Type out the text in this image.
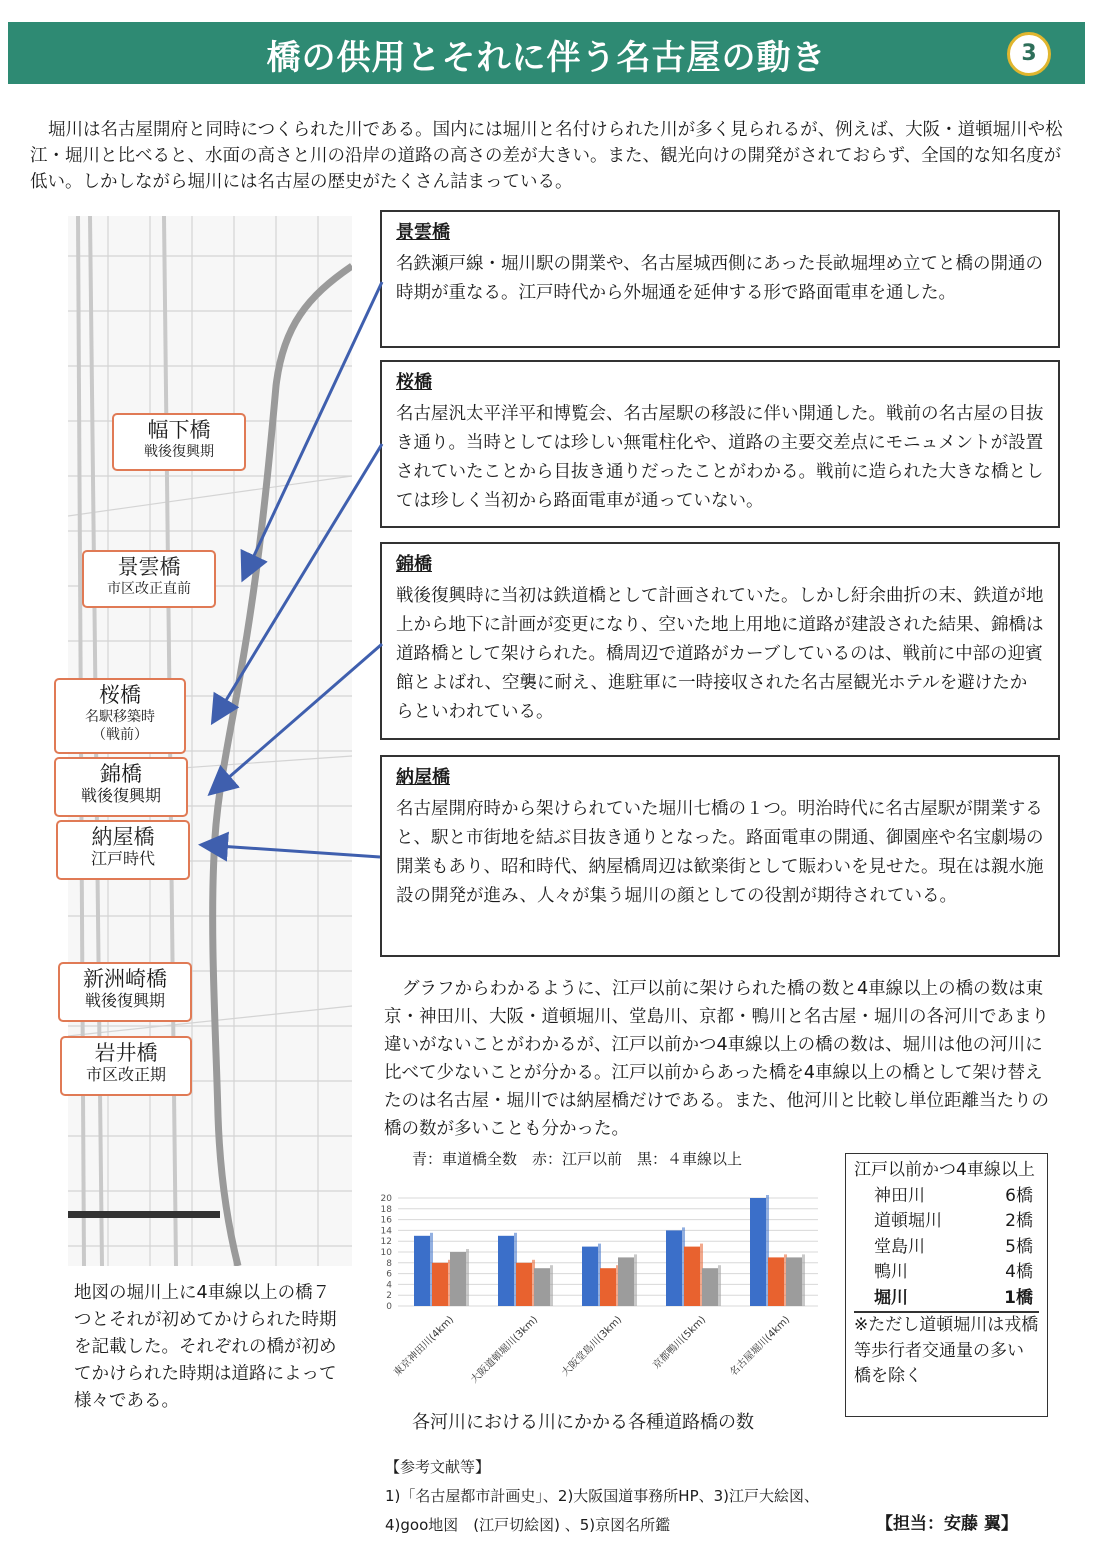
橋の供用とそれに伴う名古屋の動き	3
堀川は名古屋開府と同時につくられた川である。国内には堀川と名付けられた川が多く見られるが、例えば、大阪・道頓堀川や松江・堀川と比べると、水面の高さと川の沿岸の道路の高さの差が大きい。また、観光向けの開発がされておらず、全国的な知名度が低い。しかしながら堀川には名古屋の歴史がたくさん詰まっている。
幅下橋
戦後復興期
景雲橋
市区改正直前
桜橋
名駅移築時
（戦前）
錦橋
戦後復興期
納屋橋
江戸時代
新洲崎橋
戦後復興期
岩井橋
市区改正期
景雲橋
名鉄瀬戸線・堀川駅の開業や、名古屋城西側にあった長畝堀埋め立てと橋の開通の時期が重なる。江戸時代から外堀通を延伸する形で路面電車を通した。
桜橋
名古屋汎太平洋平和博覧会、名古屋駅の移設に伴い開通した。戦前の名古屋の目抜き通り。当時としては珍しい無電柱化や、道路の主要交差点にモニュメントが設置されていたことから目抜き通りだったことがわかる。戦前に造られた大きな橋としては珍しく当初から路面電車が通っていない。
錦橋
戦後復興時に当初は鉄道橋として計画されていた。しかし紆余曲折の末、鉄道が地上から地下に計画が変更になり、空いた地上用地に道路が建設された結果、錦橋は道路橋として架けられた。橋周辺で道路がカーブしているのは、戦前に中部の迎賓館とよばれ、空襲に耐え、進駐軍に一時接収された名古屋観光ホテルを避けたからといわれている。
納屋橋
名古屋開府時から架けられていた堀川七橋の１つ。明治時代に名古屋駅が開業すると、駅と市街地を結ぶ目抜き通りとなった。路面電車の開通、御園座や名宝劇場の開業もあり、昭和時代、納屋橋周辺は歓楽街として賑わいを見せた。現在は親水施設の開発が進み、人々が集う堀川の顔としての役割が期待されている。
地図の堀川上に4車線以上の橋７つとそれが初めてかけられた時期を記載した。それぞれの橋が初めてかけられた時期は道路によって様々である。
グラフからわかるように、江戸以前に架けられた橋の数と4車線以上の橋の数は東京・神田川、大阪・道頓堀川、堂島川、京都・鴨川と名古屋・堀川の各河川であまり違いがないことがわかるが、江戸以前かつ4車線以上の橋の数は、堀川は他の河川に比べて少ないことが分かる。江戸以前からあった橋を4車線以上の橋として架け替えたのは名古屋・堀川では納屋橋だけである。また、他河川と比較し単位距離当たりの橋の数が多いことも分かった。
青：車道橋全数　赤：江戸以前　黒：４車線以上
0
2
4
6
8
10
12
14
16
18
20
東京神田川(4km) 大阪道頓堀川(3km) 大阪堂島川(3km)	京都鴨川(5km) 名古屋堀川(4km)
各河川における川にかかる各種道路橋の数
江戸以前かつ4車線以上
神田川	6橋
道頓堀川	2橋
堂島川	5橋
鴨川	4橋
堀川	1橋
※ただし道頓堀川は戎橋等歩行者交通量の多い橋を除く
【参考文献等】
1)「名古屋都市計画史」、2)大阪国道事務所HP、3)江戸大絵図、
4)goo地図　(江戸切絵図) 、5)京図名所鑑	【担当：安藤 翼】
